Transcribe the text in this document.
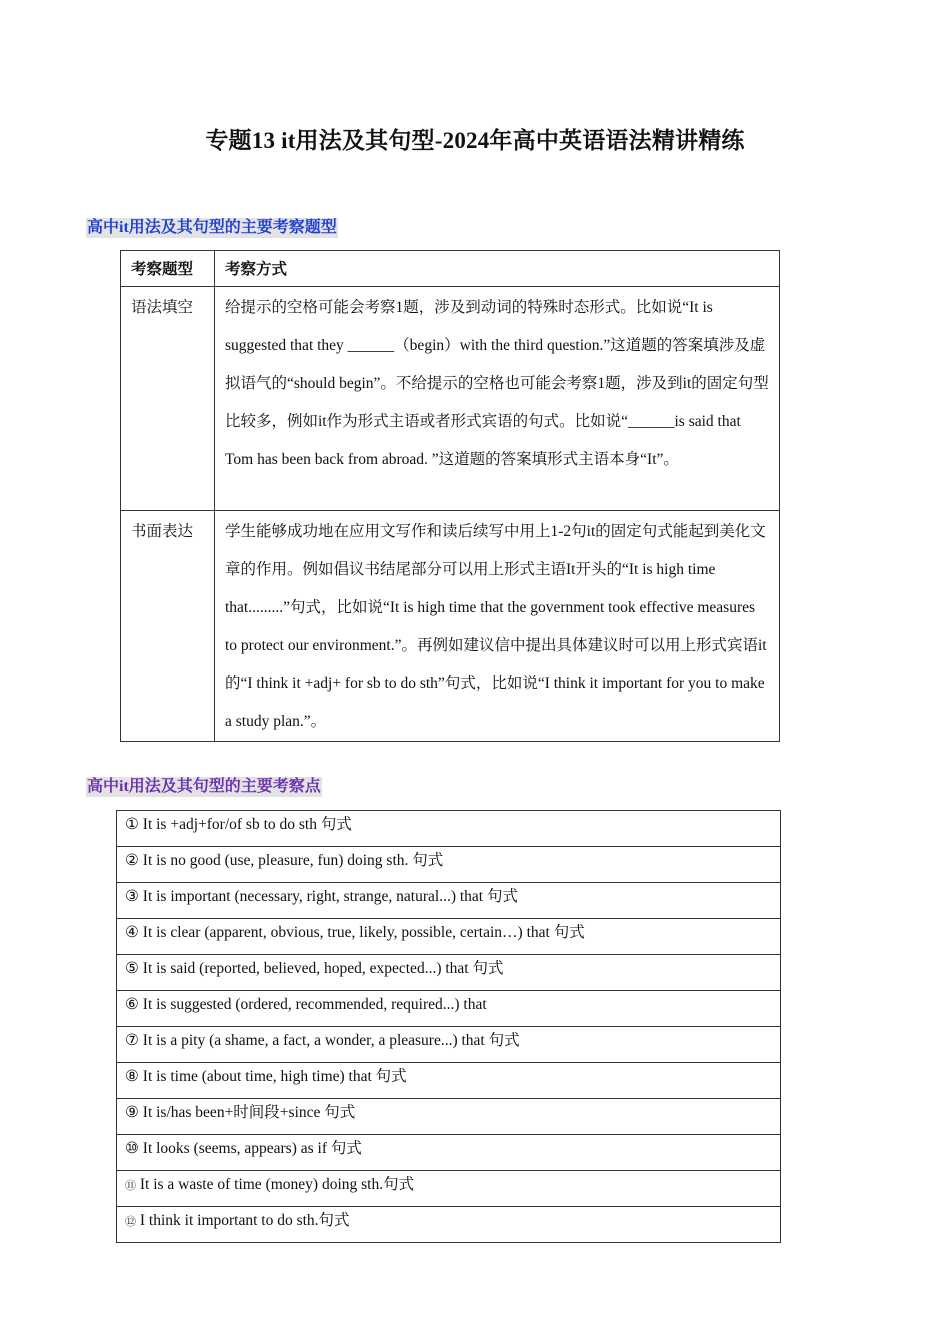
专题13 it用法及其句型-2024年高中英语语法精讲精练
高中it用法及其句型的主要考察题型
考察题型	考察方式
语法填空	给提示的空格可能会考察1题，涉及到动词的特殊时态形式。比如说“It is suggested that they ______（begin）with the third question.”这道题的答案填涉及虚拟语气的“should begin”。不给提示的空格也可能会考察1题，涉及到it的固定句型比较多，例如it作为形式主语或者形式宾语的句式。比如说“______is said that Tom has been back from abroad. ”这道题的答案填形式主语本身“It”。
书面表达	学生能够成功地在应用文写作和读后续写中用上1-2句it的固定句式能起到美化文章的作用。例如倡议书结尾部分可以用上形式主语It开头的“It is high time that.........”句式，比如说“It is high time that the government took effective measures to protect our environment.”。再例如建议信中提出具体建议时可以用上形式宾语it的“I think it +adj+ for sb to do sth”句式，比如说“I think it important for you to make a study plan.”。
高中it用法及其句型的主要考察点
① It is +adj+for/of sb to do sth 句式
② It is no good (use, pleasure, fun) doing sth. 句式
③ It is important (necessary, right, strange, natural...) that 句式
④ It is clear (apparent, obvious, true, likely, possible, certain…) that 句式
⑤ It is said (reported, believed, hoped, expected...) that 句式
⑥ It is suggested (ordered, recommended, required...) that
⑦ It is a pity (a shame, a fact, a wonder, a pleasure...) that 句式
⑧ It is time (about time, high time) that 句式
⑨ It is/has been+时间段+since 句式
⑩ It looks (seems, appears) as if 句式
⑪ It is a waste of time (money) doing sth.句式
⑫ I think it important to do sth.句式
